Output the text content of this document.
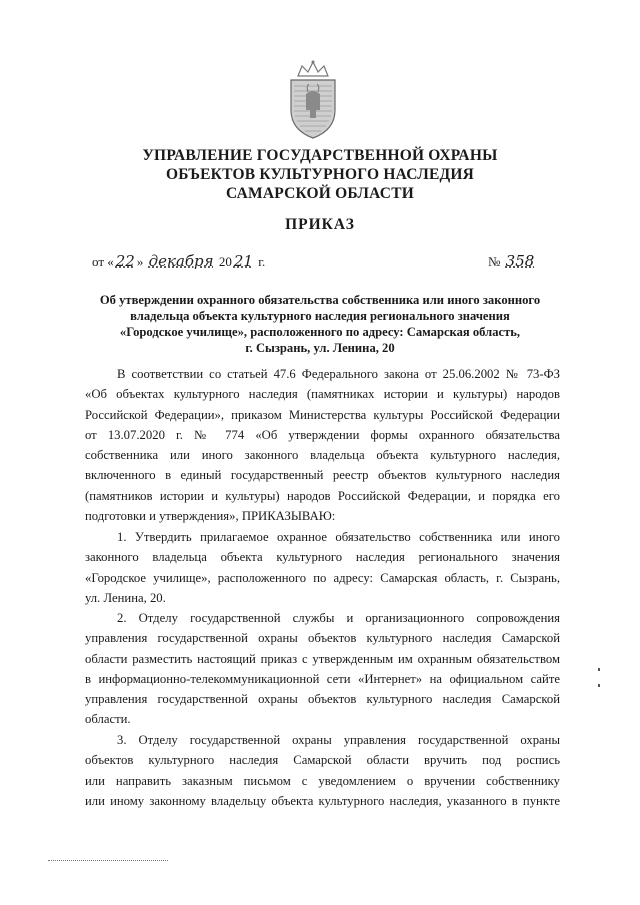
УПРАВЛЕНИЕ ГОСУДАРСТВЕННОЙ ОХРАНЫ
ОБЪЕКТОВ КУЛЬТУРНОГО НАСЛЕДИЯ
САМАРСКОЙ ОБЛАСТИ
ПРИКАЗ
от « 22 » декабря 20 21 г.	№ 358
Об утверждении охранного обязательства собственника или иного законного
владельца объекта культурного наследия регионального значения
«Городское училище», расположенного по адресу: Самарская область,
г. Сызрань, ул. Ленина, 20
В соответствии со статьей 47.6 Федерального закона от 25.06.2002 № 73-ФЗ
«Об объектах культурного наследия (памятниках истории и культуры) народов
Российской Федерации», приказом Министерства культуры Российской Федерации
от 13.07.2020 г. № 774 «Об утверждении формы охранного обязательства
собственника или иного законного владельца объекта культурного наследия,
включенного в единый государственный реестр объектов культурного наследия
(памятников истории и культуры) народов Российской Федерации, и порядка его
подготовки и утверждения», ПРИКАЗЫВАЮ:
1. Утвердить прилагаемое охранное обязательство собственника или иного
законного владельца объекта культурного наследия регионального значения
«Городское училище», расположенного по адресу: Самарская область, г. Сызрань,
ул. Ленина, 20.
2. Отделу государственной службы и организационного сопровождения
управления государственной охраны объектов культурного наследия Самарской
области разместить настоящий приказ с утвержденным им охранным обязательством
в информационно-телекоммуникационной сети «Интернет» на официальном сайте
управления государственной охраны объектов культурного наследия Самарской
области.
3. Отделу государственной охраны управления государственной охраны
объектов культурного наследия Самарской области вручить под роспись
или направить заказным письмом с уведомлением о вручении собственнику
или иному законному владельцу объекта культурного наследия, указанного в пункте
